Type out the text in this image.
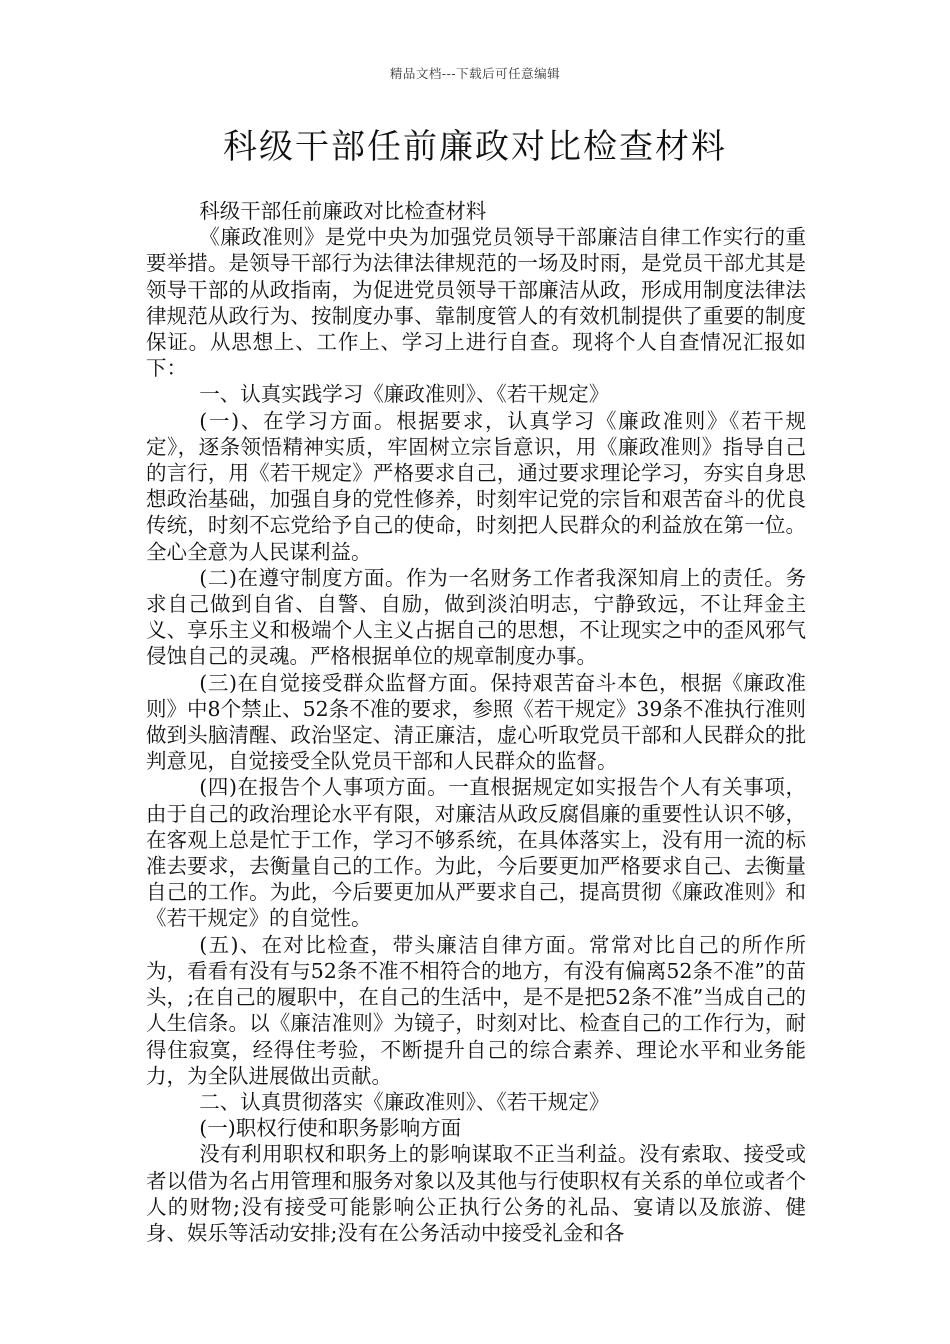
精品文档---下载后可任意编辑
科级干部任前廉政对比检查材料

科级干部任前廉政对比检查材料

《廉政准则》是党中央为加强党员领导干部廉洁自律工作实行的重要举措。是领导干部行为法律法律规范的一场及时雨，是党员干部尤其是领导干部的从政指南，为促进党员领导干部廉洁从政，形成用制度法律法律规范从政行为、按制度办事、靠制度管人的有效机制提供了重要的制度保证。从思想上、工作上、学习上进行自查。现将个人自查情况汇报如下：

一、认真实践学习《廉政准则》、《若干规定》

(一)、在学习方面。根据要求，认真学习《廉政准则》《若干规定》，逐条领悟精神实质，牢固树立宗旨意识，用《廉政准则》指导自己的言行，用《若干规定》严格要求自己，通过要求理论学习，夯实自身思想政治基础，加强自身的党性修养，时刻牢记党的宗旨和艰苦奋斗的优良传统，时刻不忘党给予自己的使命，时刻把人民群众的利益放在第一位。全心全意为人民谋利益。

(二)在遵守制度方面。作为一名财务工作者我深知肩上的责任。务求自己做到自省、自警、自励，做到淡泊明志，宁静致远，不让拜金主义、享乐主义和极端个人主义占据自己的思想，不让现实之中的歪风邪气侵蚀自己的灵魂。严格根据单位的规章制度办事。

(三)在自觉接受群众监督方面。保持艰苦奋斗本色，根据《廉政准则》中8个禁止、52条不准的要求，参照《若干规定》39条不准执行准则做到头脑清醒、政治坚定、清正廉洁，虚心听取党员干部和人民群众的批判意见，自觉接受全队党员干部和人民群众的监督。

(四)在报告个人事项方面。一直根据规定如实报告个人有关事项，由于自己的政治理论水平有限，对廉洁从政反腐倡廉的重要性认识不够，在客观上总是忙于工作，学习不够系统，在具体落实上，没有用一流的标准去要求，去衡量自己的工作。为此，今后要更加严格要求自己、去衡量自己的工作。为此，今后要更加从严要求自己，提高贯彻《廉政准则》和《若干规定》的自觉性。

(五)、在对比检查，带头廉洁自律方面。常常对比自己的所作所为，看看有没有与52条不准不相符合的地方，有没有偏离52条不准”的苗头，;在自己的履职中，在自己的生活中，是不是把52条不准”当成自己的人生信条。以《廉洁准则》为镜子，时刻对比、检查自己的工作行为，耐得住寂寞，经得住考验，不断提升自己的综合素养、理论水平和业务能力，为全队进展做出贡献。

二、认真贯彻落实《廉政准则》、《若干规定》

(一)职权行使和职务影响方面

没有利用职权和职务上的影响谋取不正当利益。没有索取、接受或者以借为名占用管理和服务对象以及其他与行使职权有关系的单位或者个人的财物;没有接受可能影响公正执行公务的礼品、宴请以及旅游、健身、娱乐等活动安排;没有在公务活动中接受礼金和各
